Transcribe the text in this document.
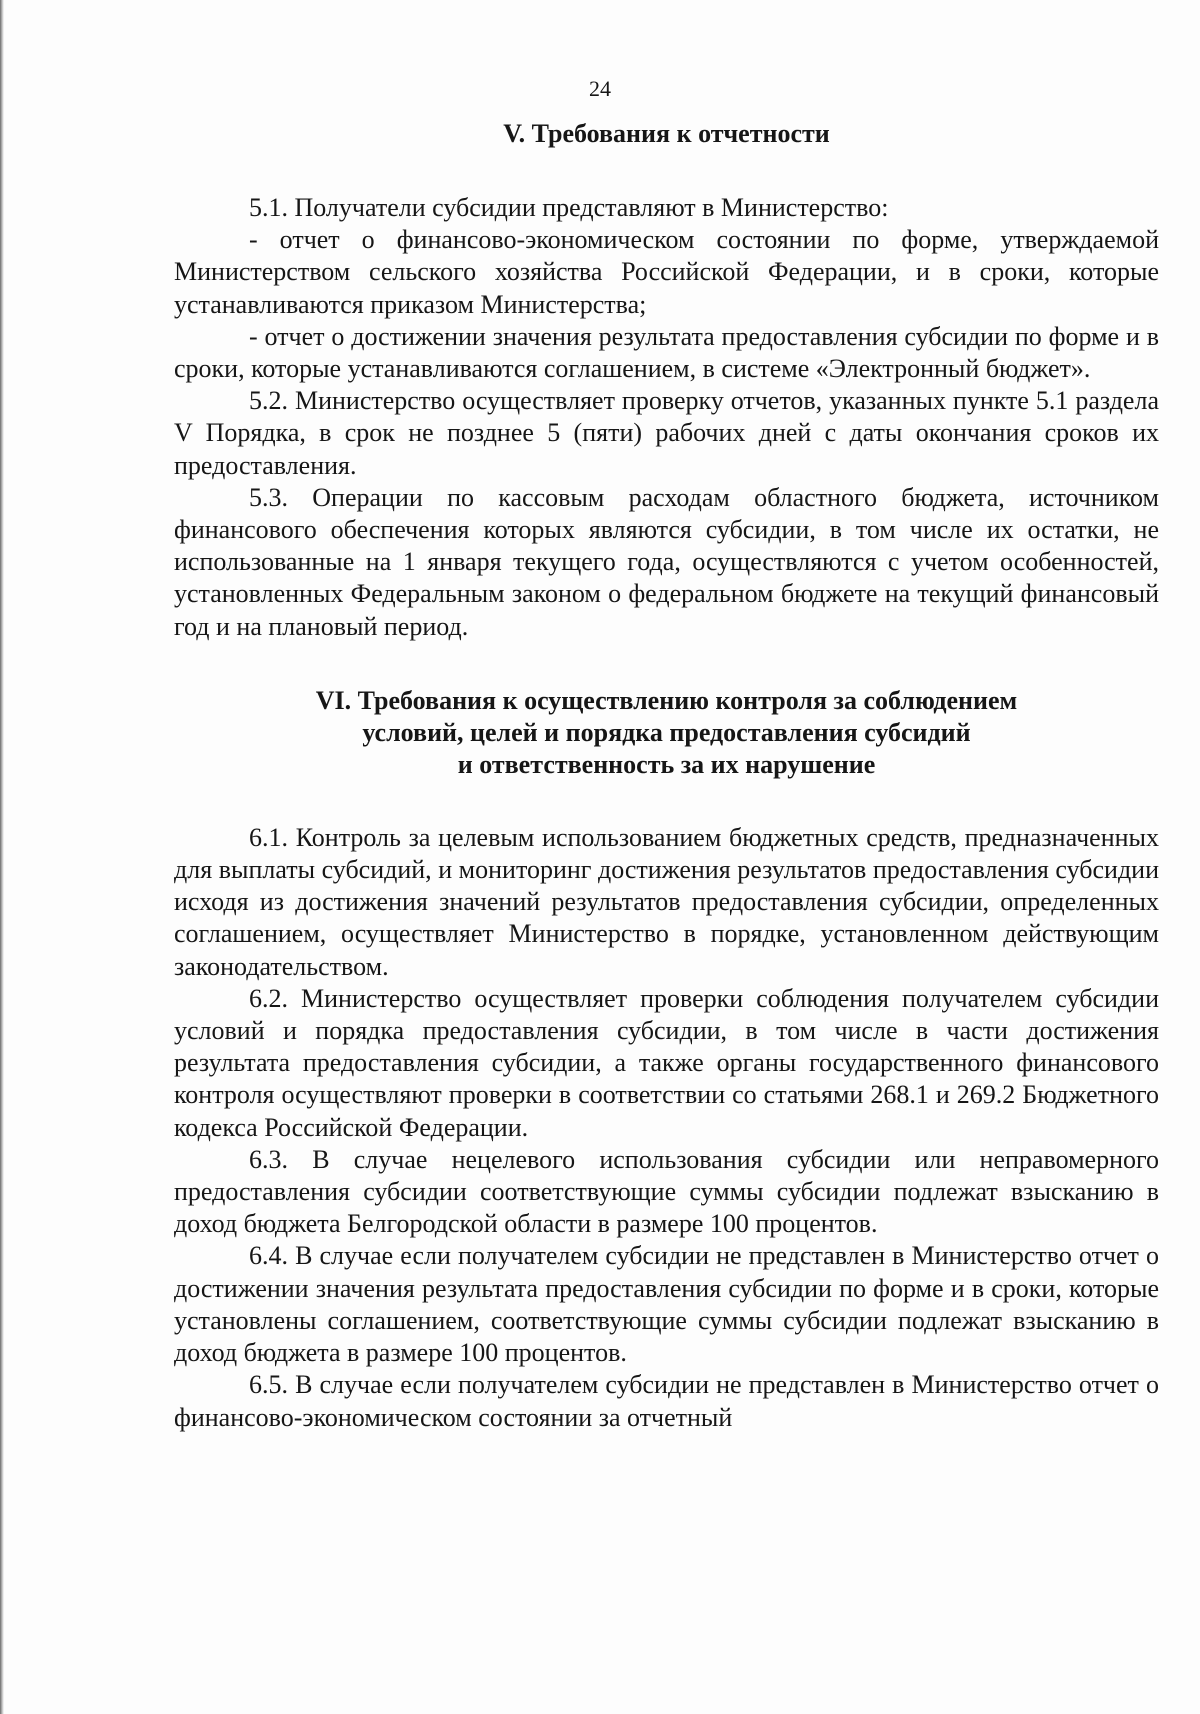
24
V. Требования к отчетности

5.1. Получатели субсидии представляют в Министерство:

- отчет о финансово-экономическом состоянии по форме, утверждаемой Министерством сельского хозяйства Российской Федерации, и в сроки, которые устанавливаются приказом Министерства;

- отчет о достижении значения результата предоставления субсидии по форме и в сроки, которые устанавливаются соглашением, в системе «Электронный бюджет».

5.2. Министерство осуществляет проверку отчетов, указанных пункте 5.1 раздела V Порядка, в срок не позднее 5 (пяти) рабочих дней с даты окончания сроков их предоставления.

5.3. Операции по кассовым расходам областного бюджета, источником финансового обеспечения которых являются субсидии, в том числе их остатки, не использованные на 1 января текущего года, осуществляются с учетом особенностей, установленных Федеральным законом о федеральном бюджете на текущий финансовый год и на плановый период.

VI. Требования к осуществлению контроля за соблюдением
условий, целей и порядка предоставления субсидий
и ответственность за их нарушение

6.1. Контроль за целевым использованием бюджетных средств, предназначенных для выплаты субсидий, и мониторинг достижения результатов предоставления субсидии исходя из достижения значений результатов предоставления субсидии, определенных соглашением, осуществляет Министерство в порядке, установленном действующим законодательством.

6.2. Министерство осуществляет проверки соблюдения получателем субсидии условий и порядка предоставления субсидии, в том числе в части достижения результата предоставления субсидии, а также органы государственного финансового контроля осуществляют проверки в соответствии со статьями 268.1 и 269.2 Бюджетного кодекса Российской Федерации.

6.3. В случае нецелевого использования субсидии или неправомерного предоставления субсидии соответствующие суммы субсидии подлежат взысканию в доход бюджета Белгородской области в размере 100 процентов.

6.4. В случае если получателем субсидии не представлен в Министерство отчет о достижении значения результата предоставления субсидии по форме и в сроки, которые установлены соглашением, соответствующие суммы субсидии подлежат взысканию в доход бюджета в размере 100 процентов.

6.5. В случае если получателем субсидии не представлен в Министерство отчет о финансово-экономическом состоянии за отчетный
